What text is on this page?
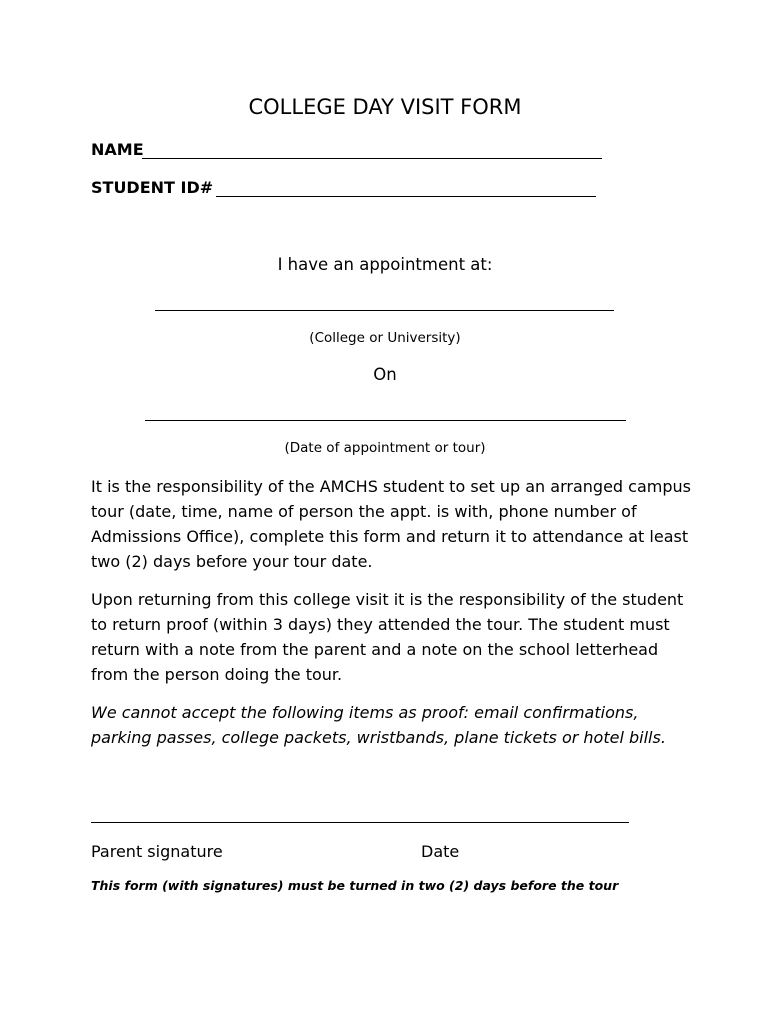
COLLEGE DAY VISIT FORM
NAME
STUDENT ID#
I have an appointment at:
(College or University)
On
(Date of appointment or tour)

It is the responsibility of the AMCHS student to set up an arranged campus tour (date, time, name of person the appt. is with, phone number of Admissions Office), complete this form and return it to attendance at least two (2) days before your tour date.

Upon returning from this college visit it is the responsibility of the student to return proof (within 3 days) they attended the tour. The student must return with a note from the parent and a note on the school letterhead from the person doing the tour.

We cannot accept the following items as proof: email confirmations, parking passes, college packets, wristbands, plane tickets or hotel bills.

Parent signature	Date
This form (with signatures) must be turned in two (2) days before the tour
